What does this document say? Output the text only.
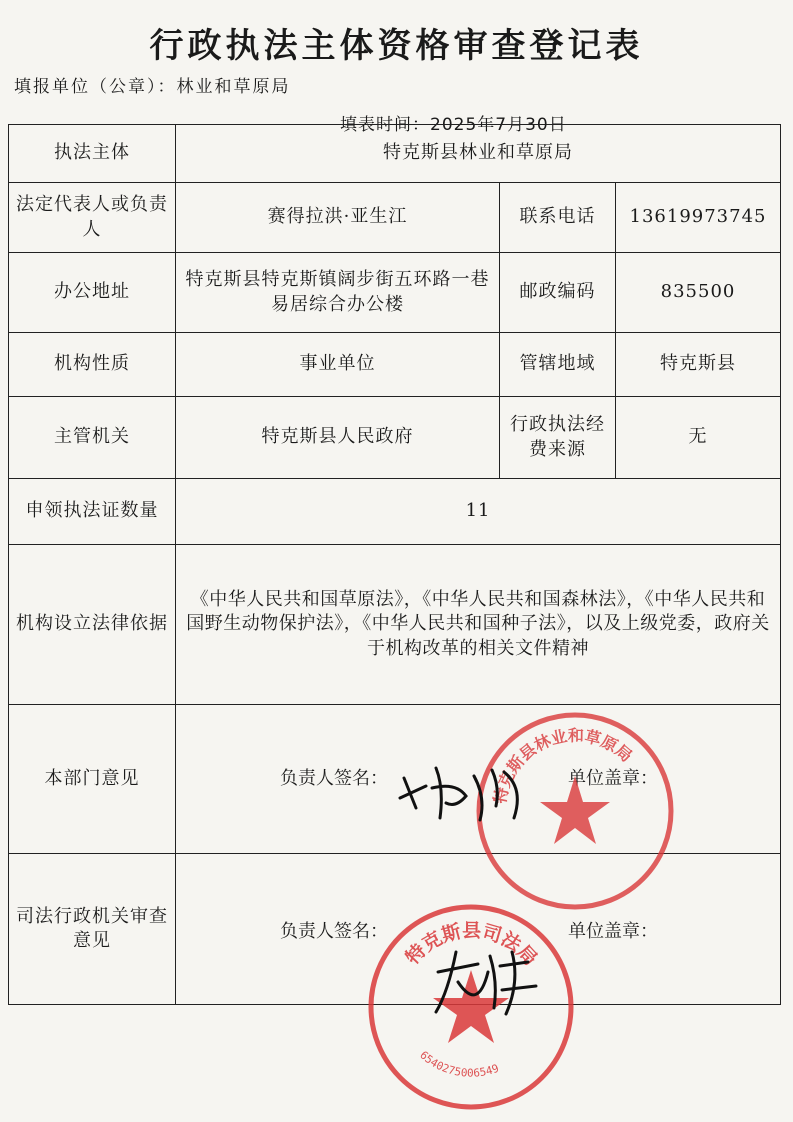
行政执法主体资格审查登记表
填报单位（公章）：林业和草原局
填表时间：2025年7月30日
执法主体	特克斯县林业和草原局		
法定代表人或负责人	赛得拉洪·亚生江	联系电话	13619973745
办公地址	特克斯县特克斯镇阔步街五环路一巷易居综合办公楼	邮政编码	835500
机构性质	事业单位	管辖地域	特克斯县
主管机关	特克斯县人民政府	行政执法经费来源	无
申领执法证数量	11		
机构设立法律依据	《中华人民共和国草原法》，《中华人民共和国森林法》，《中华人民共和国野生动物保护法》，《中华人民共和国种子法》，以及上级党委，政府关于机构改革的相关文件精神		
本部门意见	负责人签名： 单位盖章：		

司法行政机关审查意见	负责人签名： 单位盖章：		
特克斯县林业和草原局
特克斯县司法局
6540275006549
